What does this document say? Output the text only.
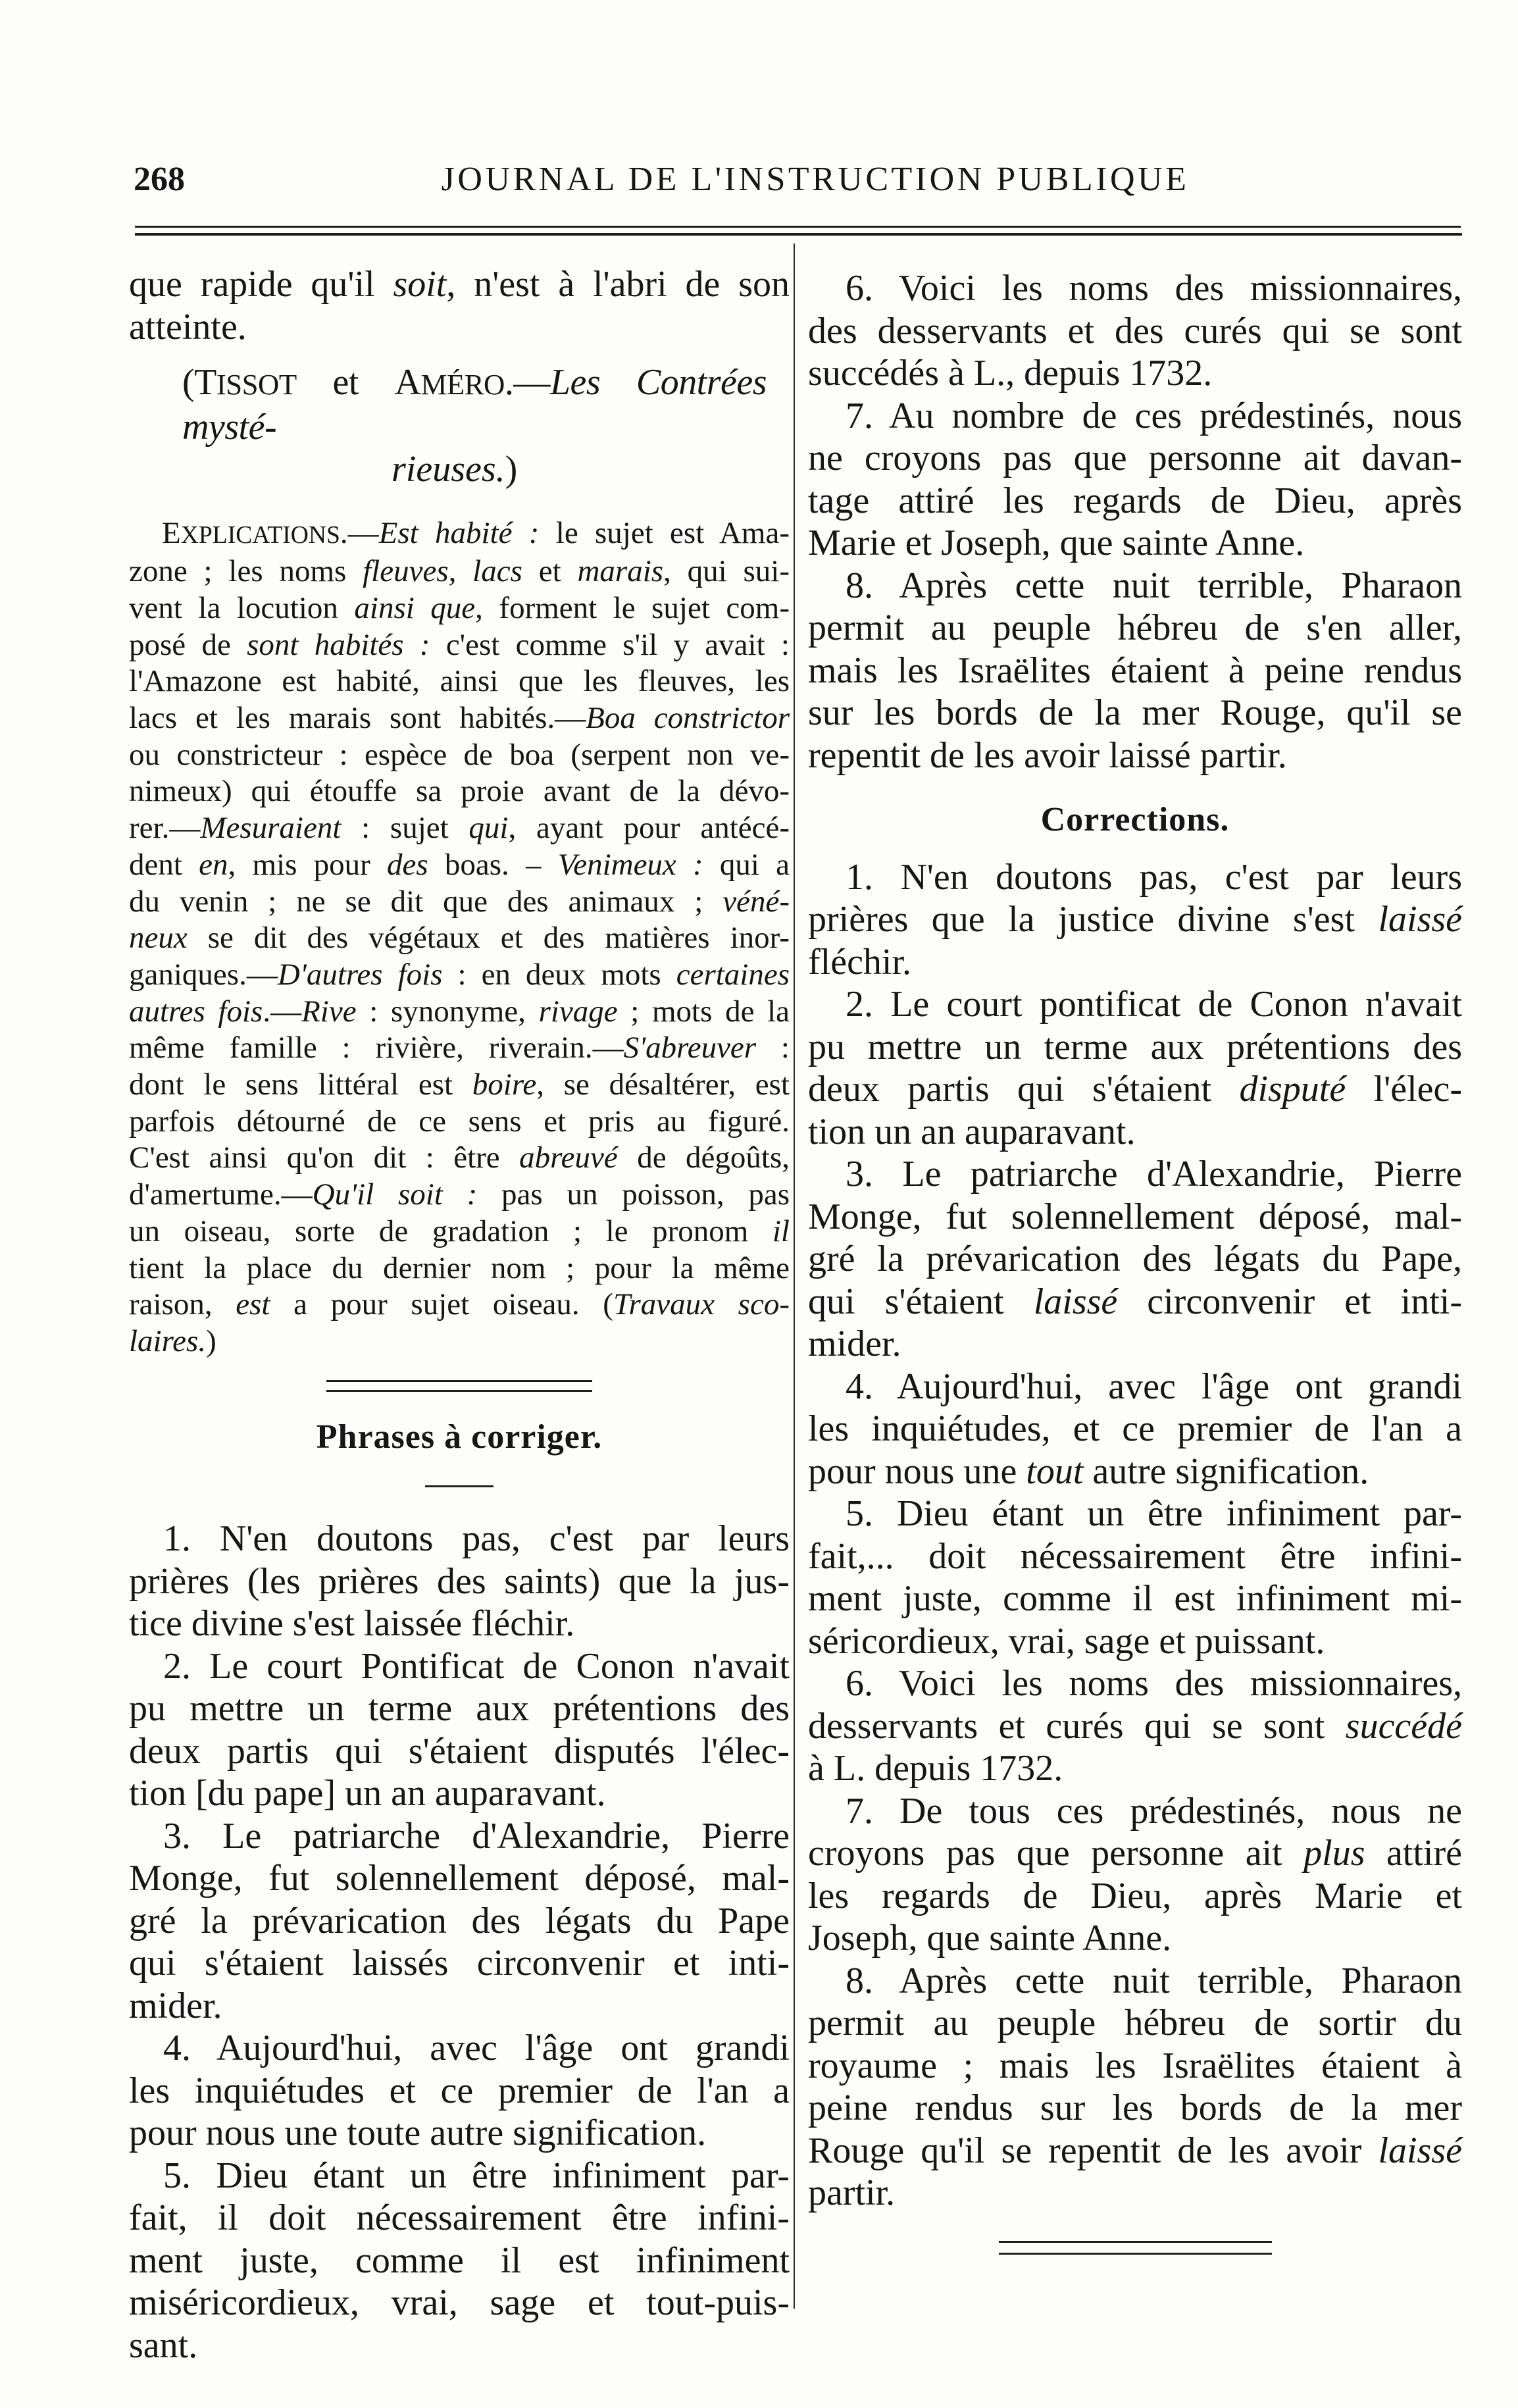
268	JOURNAL DE L'INSTRUCTION PUBLIQUE
que rapide qu'il soit, n'est à l'abri de son
atteinte.
(TISSOT et AMÉRO.—Les Contrées mysté-
rieuses.)
EXPLICATIONS.—Est habité : le sujet est Ama-
zone ; les noms fleuves, lacs et marais, qui sui-
vent la locution ainsi que, forment le sujet com-
posé de sont habités : c'est comme s'il y avait :
l'Amazone est habité, ainsi que les fleuves, les
lacs et les marais sont habités.—Boa constrictor
ou constricteur : espèce de boa (serpent non ve-
nimeux) qui étouffe sa proie avant de la dévo-
rer.—Mesuraient : sujet qui, ayant pour antécé-
dent en, mis pour des boas. – Venimeux : qui a
du venin ; ne se dit que des animaux ; véné-
neux se dit des végétaux et des matières inor-
ganiques.—D'autres fois : en deux mots certaines
autres fois.—Rive : synonyme, rivage ; mots de la
même famille : rivière, riverain.—S'abreuver :
dont le sens littéral est boire, se désaltérer, est
parfois détourné de ce sens et pris au figuré.
C'est ainsi qu'on dit : être abreuvé de dégoûts,
d'amertume.—Qu'il soit : pas un poisson, pas
un oiseau, sorte de gradation ; le pronom il
tient la place du dernier nom ; pour la même
raison, est a pour sujet oiseau. (Travaux sco-
laires.)
Phrases à corriger.
1. N'en doutons pas, c'est par leurs
prières (les prières des saints) que la jus-
tice divine s'est laissée fléchir.
2. Le court Pontificat de Conon n'avait
pu mettre un terme aux prétentions des
deux partis qui s'étaient disputés l'élec-
tion [du pape] un an auparavant.
3. Le patriarche d'Alexandrie, Pierre
Monge, fut solennellement déposé, mal-
gré la prévarication des légats du Pape
qui s'étaient laissés circonvenir et inti-
mider.
4. Aujourd'hui, avec l'âge ont grandi
les inquiétudes et ce premier de l'an a
pour nous une toute autre signification.
5. Dieu étant un être infiniment par-
fait, il doit nécessairement être infini-
ment juste, comme il est infiniment
miséricordieux, vrai, sage et tout-puis-
sant.
6. Voici les noms des missionnaires,
des desservants et des curés qui se sont
succédés à L., depuis 1732.
7. Au nombre de ces prédestinés, nous
ne croyons pas que personne ait davan-
tage attiré les regards de Dieu, après
Marie et Joseph, que sainte Anne.
8. Après cette nuit terrible, Pharaon
permit au peuple hébreu de s'en aller,
mais les Israëlites étaient à peine rendus
sur les bords de la mer Rouge, qu'il se
repentit de les avoir laissé partir.
Corrections.
1. N'en doutons pas, c'est par leurs
prières que la justice divine s'est laissé
fléchir.
2. Le court pontificat de Conon n'avait
pu mettre un terme aux prétentions des
deux partis qui s'étaient disputé l'élec-
tion un an auparavant.
3. Le patriarche d'Alexandrie, Pierre
Monge, fut solennellement déposé, mal-
gré la prévarication des légats du Pape,
qui s'étaient laissé circonvenir et inti-
mider.
4. Aujourd'hui, avec l'âge ont grandi
les inquiétudes, et ce premier de l'an a
pour nous une tout autre signification.
5. Dieu étant un être infiniment par-
fait,... doit nécessairement être infini-
ment juste, comme il est infiniment mi-
séricordieux, vrai, sage et puissant.
6. Voici les noms des missionnaires,
desservants et curés qui se sont succédé
à L. depuis 1732.
7. De tous ces prédestinés, nous ne
croyons pas que personne ait plus attiré
les regards de Dieu, après Marie et
Joseph, que sainte Anne.
8. Après cette nuit terrible, Pharaon
permit au peuple hébreu de sortir du
royaume ; mais les Israëlites étaient à
peine rendus sur les bords de la mer
Rouge qu'il se repentit de les avoir laissé
partir.
